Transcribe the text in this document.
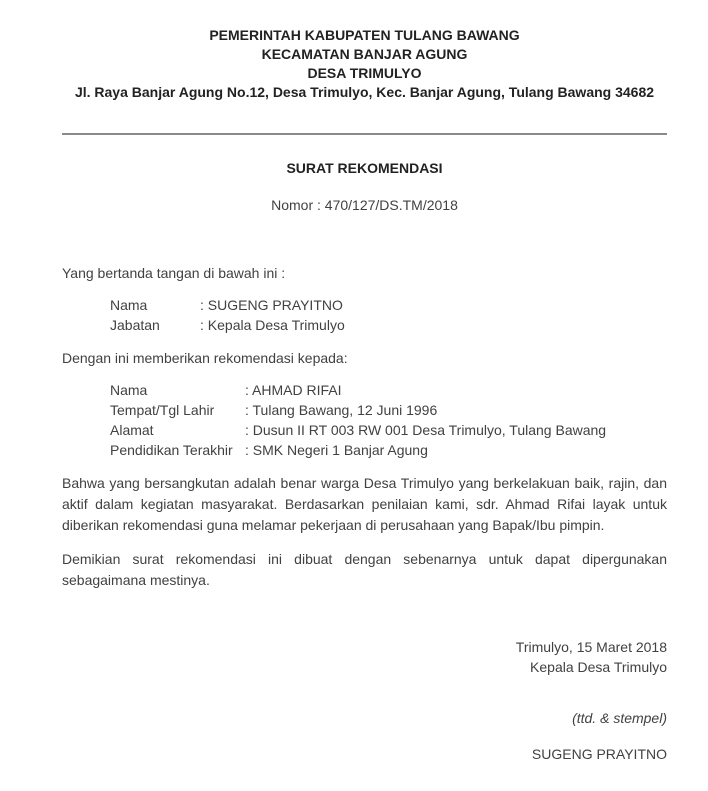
PEMERINTAH KABUPATEN TULANG BAWANG
KECAMATAN BANJAR AGUNG
DESA TRIMULYO
Jl. Raya Banjar Agung No.12, Desa Trimulyo, Kec. Banjar Agung, Tulang Bawang 34682
SURAT REKOMENDASI
Nomor : 470/127/DS.TM/2018
Yang bertanda tangan di bawah ini :
Nama	: SUGENG PRAYITNO
Jabatan	: Kepala Desa Trimulyo
Dengan ini memberikan rekomendasi kepada:
Nama	: AHMAD RIFAI
Tempat/Tgl Lahir	: Tulang Bawang, 12 Juni 1996
Alamat	: Dusun II RT 003 RW 001 Desa Trimulyo, Tulang Bawang
Pendidikan Terakhir : SMK Negeri 1 Banjar Agung
Bahwa yang bersangkutan adalah benar warga Desa Trimulyo yang berkelakuan baik, rajin, dan aktif dalam kegiatan masyarakat. Berdasarkan penilaian kami, sdr. Ahmad Rifai layak untuk diberikan rekomendasi guna melamar pekerjaan di perusahaan yang Bapak/Ibu pimpin.
Demikian surat rekomendasi ini dibuat dengan sebenarnya untuk dapat dipergunakan sebagaimana mestinya.
Trimulyo, 15 Maret 2018
Kepala Desa Trimulyo
(ttd. & stempel)
SUGENG PRAYITNO
